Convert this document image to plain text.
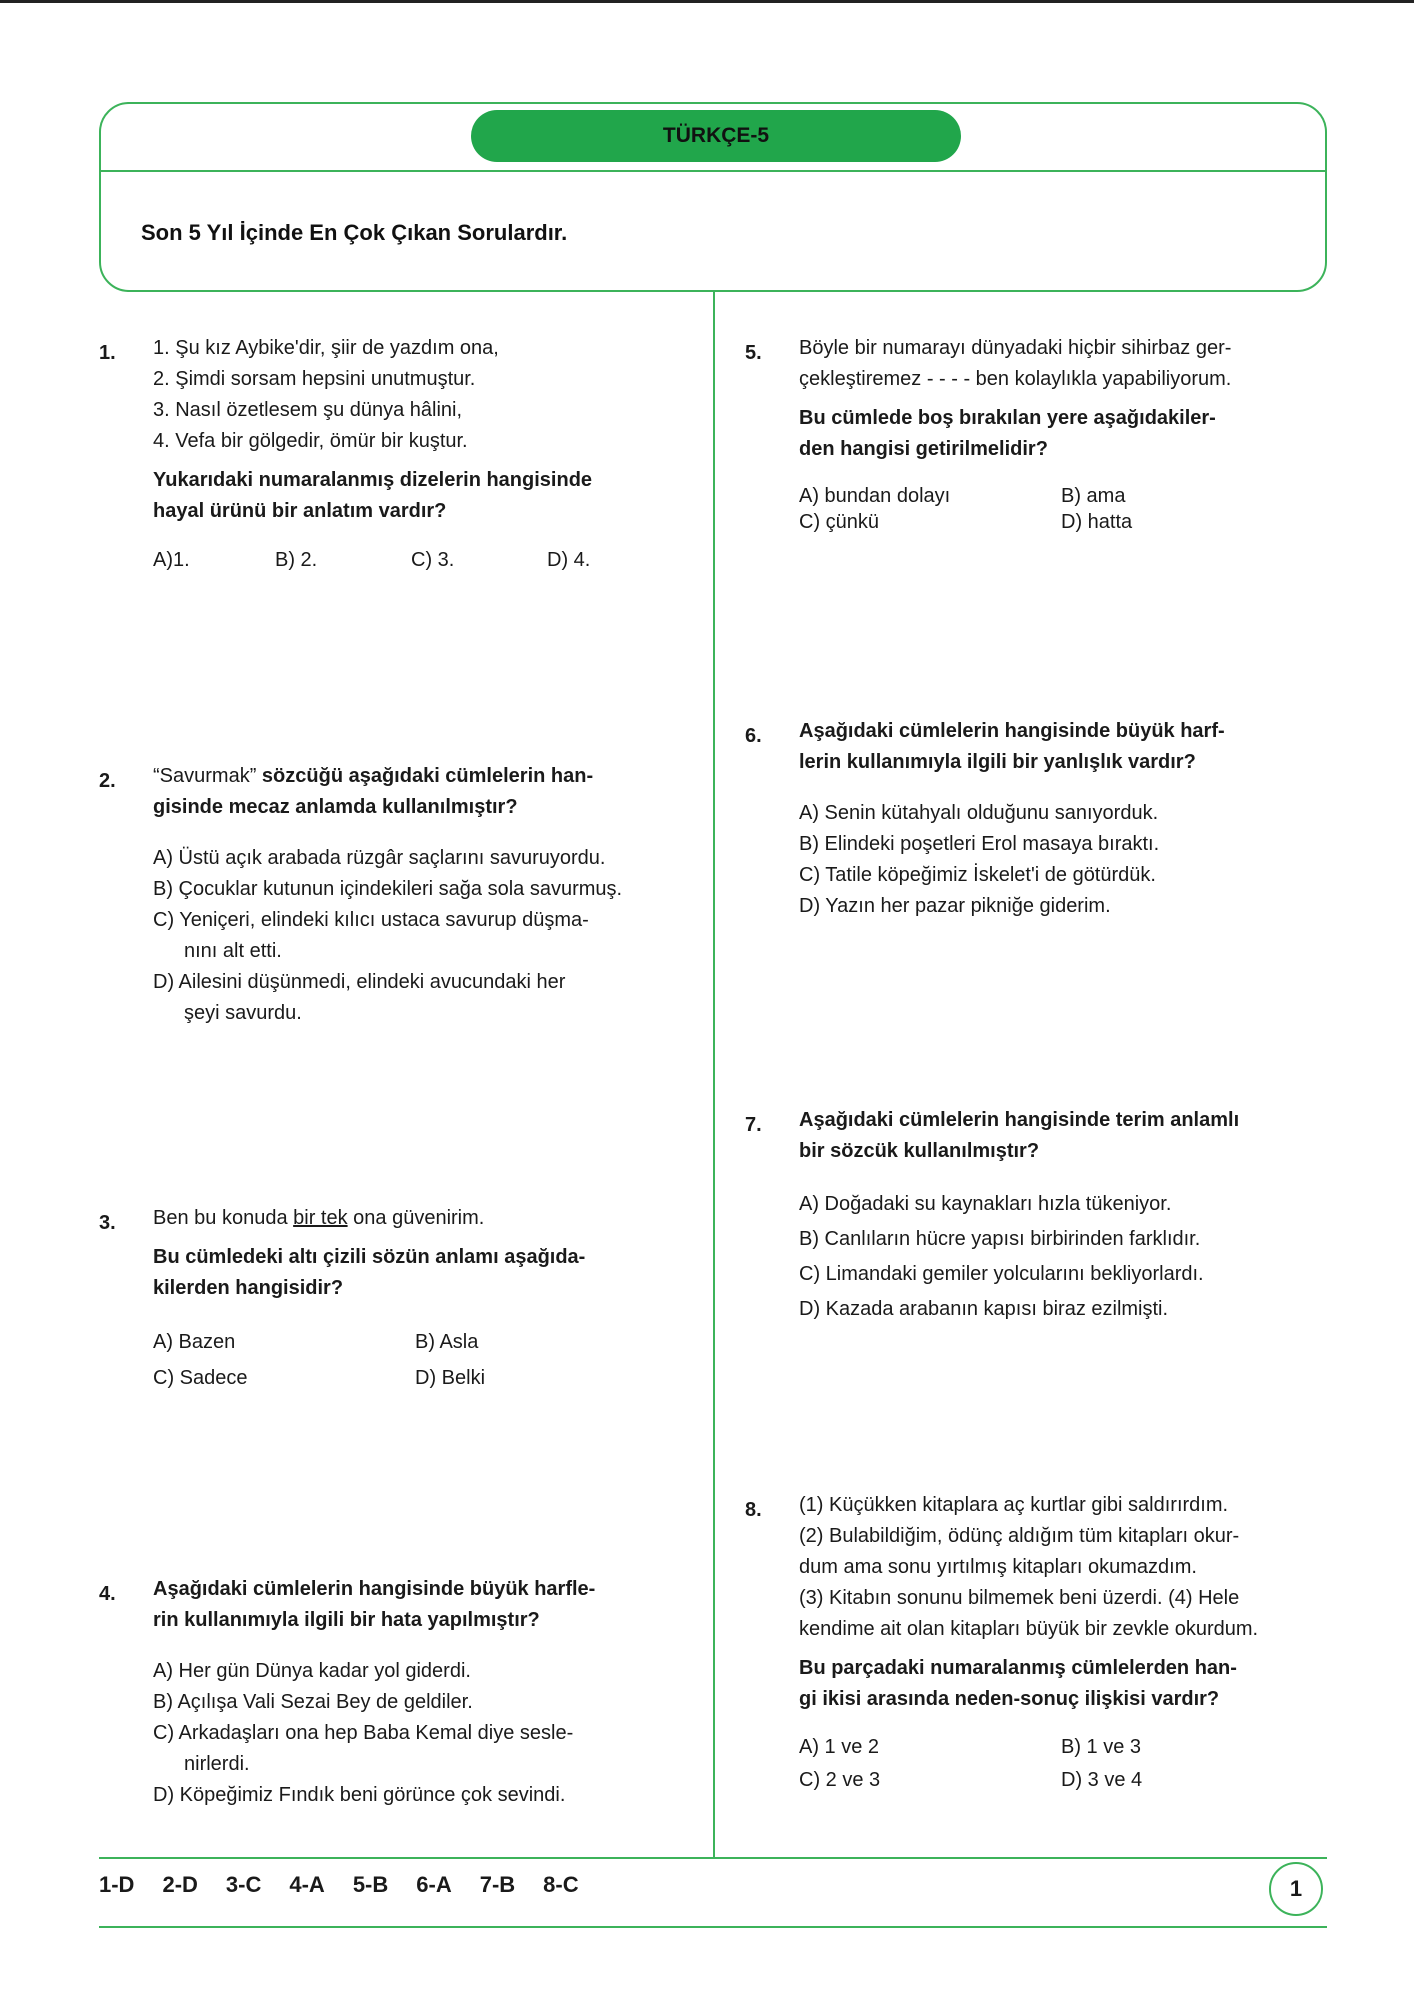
TÜRKÇE-5
Son 5 Yıl İçinde En Çok Çıkan Sorulardır.
1. 1. Şu kız Aybike'dir, şiir de yazdım ona,
2. Şimdi sorsam hepsini unutmuştur.
3. Nasıl özetlesem şu dünya hâlini,
4. Vefa bir gölgedir, ömür bir kuştur.
Yukarıdaki numaralanmış dizelerin hangisinde
hayal ürünü bir anlatım vardır?
A)1.	B) 2.	C) 3.	D) 4.
2. “Savurmak” sözcüğü aşağıdaki cümlelerin han-
gisinde mecaz anlamda kullanılmıştır?
A) Üstü açık arabada rüzgâr saçlarını savuruyordu.
B) Çocuklar kutunun içindekileri sağa sola savurmuş.
C) Yeniçeri, elindeki kılıcı ustaca savurup düşma-
nını alt etti.
D) Ailesini düşünmedi, elindeki avucundaki her
şeyi savurdu.
3. Ben bu konuda bir tek ona güvenirim.
Bu cümledeki altı çizili sözün anlamı aşağıda-
kilerden hangisidir?
A) Bazen	B) Asla
C) Sadece	D) Belki
4. Aşağıdaki cümlelerin hangisinde büyük harfle-
rin kullanımıyla ilgili bir hata yapılmıştır?
A) Her gün Dünya kadar yol giderdi.
B) Açılışa Vali Sezai Bey de geldiler.
C) Arkadaşları ona hep Baba Kemal diye sesle-
nirlerdi.
D) Köpeğimiz Fındık beni görünce çok sevindi.
5. Böyle bir numarayı dünyadaki hiçbir sihirbaz ger-
çekleştiremez - - - - ben kolaylıkla yapabiliyorum.
Bu cümlede boş bırakılan yere aşağıdakiler-
den hangisi getirilmelidir?
A) bundan dolayı	B) ama
C) çünkü	D) hatta
6. Aşağıdaki cümlelerin hangisinde büyük harf-
lerin kullanımıyla ilgili bir yanlışlık vardır?
A) Senin kütahyalı olduğunu sanıyorduk.
B) Elindeki poşetleri Erol masaya bıraktı.
C) Tatile köpeğimiz İskelet'i de götürdük.
D) Yazın her pazar pikniğe giderim.
7. Aşağıdaki cümlelerin hangisinde terim anlamlı
bir sözcük kullanılmıştır?
A) Doğadaki su kaynakları hızla tükeniyor.
B) Canlıların hücre yapısı birbirinden farklıdır.
C) Limandaki gemiler yolcularını bekliyorlardı.
D) Kazada arabanın kapısı biraz ezilmişti.
8. (1) Küçükken kitaplara aç kurtlar gibi saldırırdım.
(2) Bulabildiğim, ödünç aldığım tüm kitapları okur-
dum ama sonu yırtılmış kitapları okumazdım.
(3) Kitabın sonunu bilmemek beni üzerdi. (4) Hele
kendime ait olan kitapları büyük bir zevkle okurdum.
Bu parçadaki numaralanmış cümlelerden han-
gi ikisi arasında neden-sonuç ilişkisi vardır?
A) 1 ve 2	B) 1 ve 3
C) 2 ve 3	D) 3 ve 4
1-D 2-D 3-C 4-A 5-B 6-A 7-B 8-C	1
